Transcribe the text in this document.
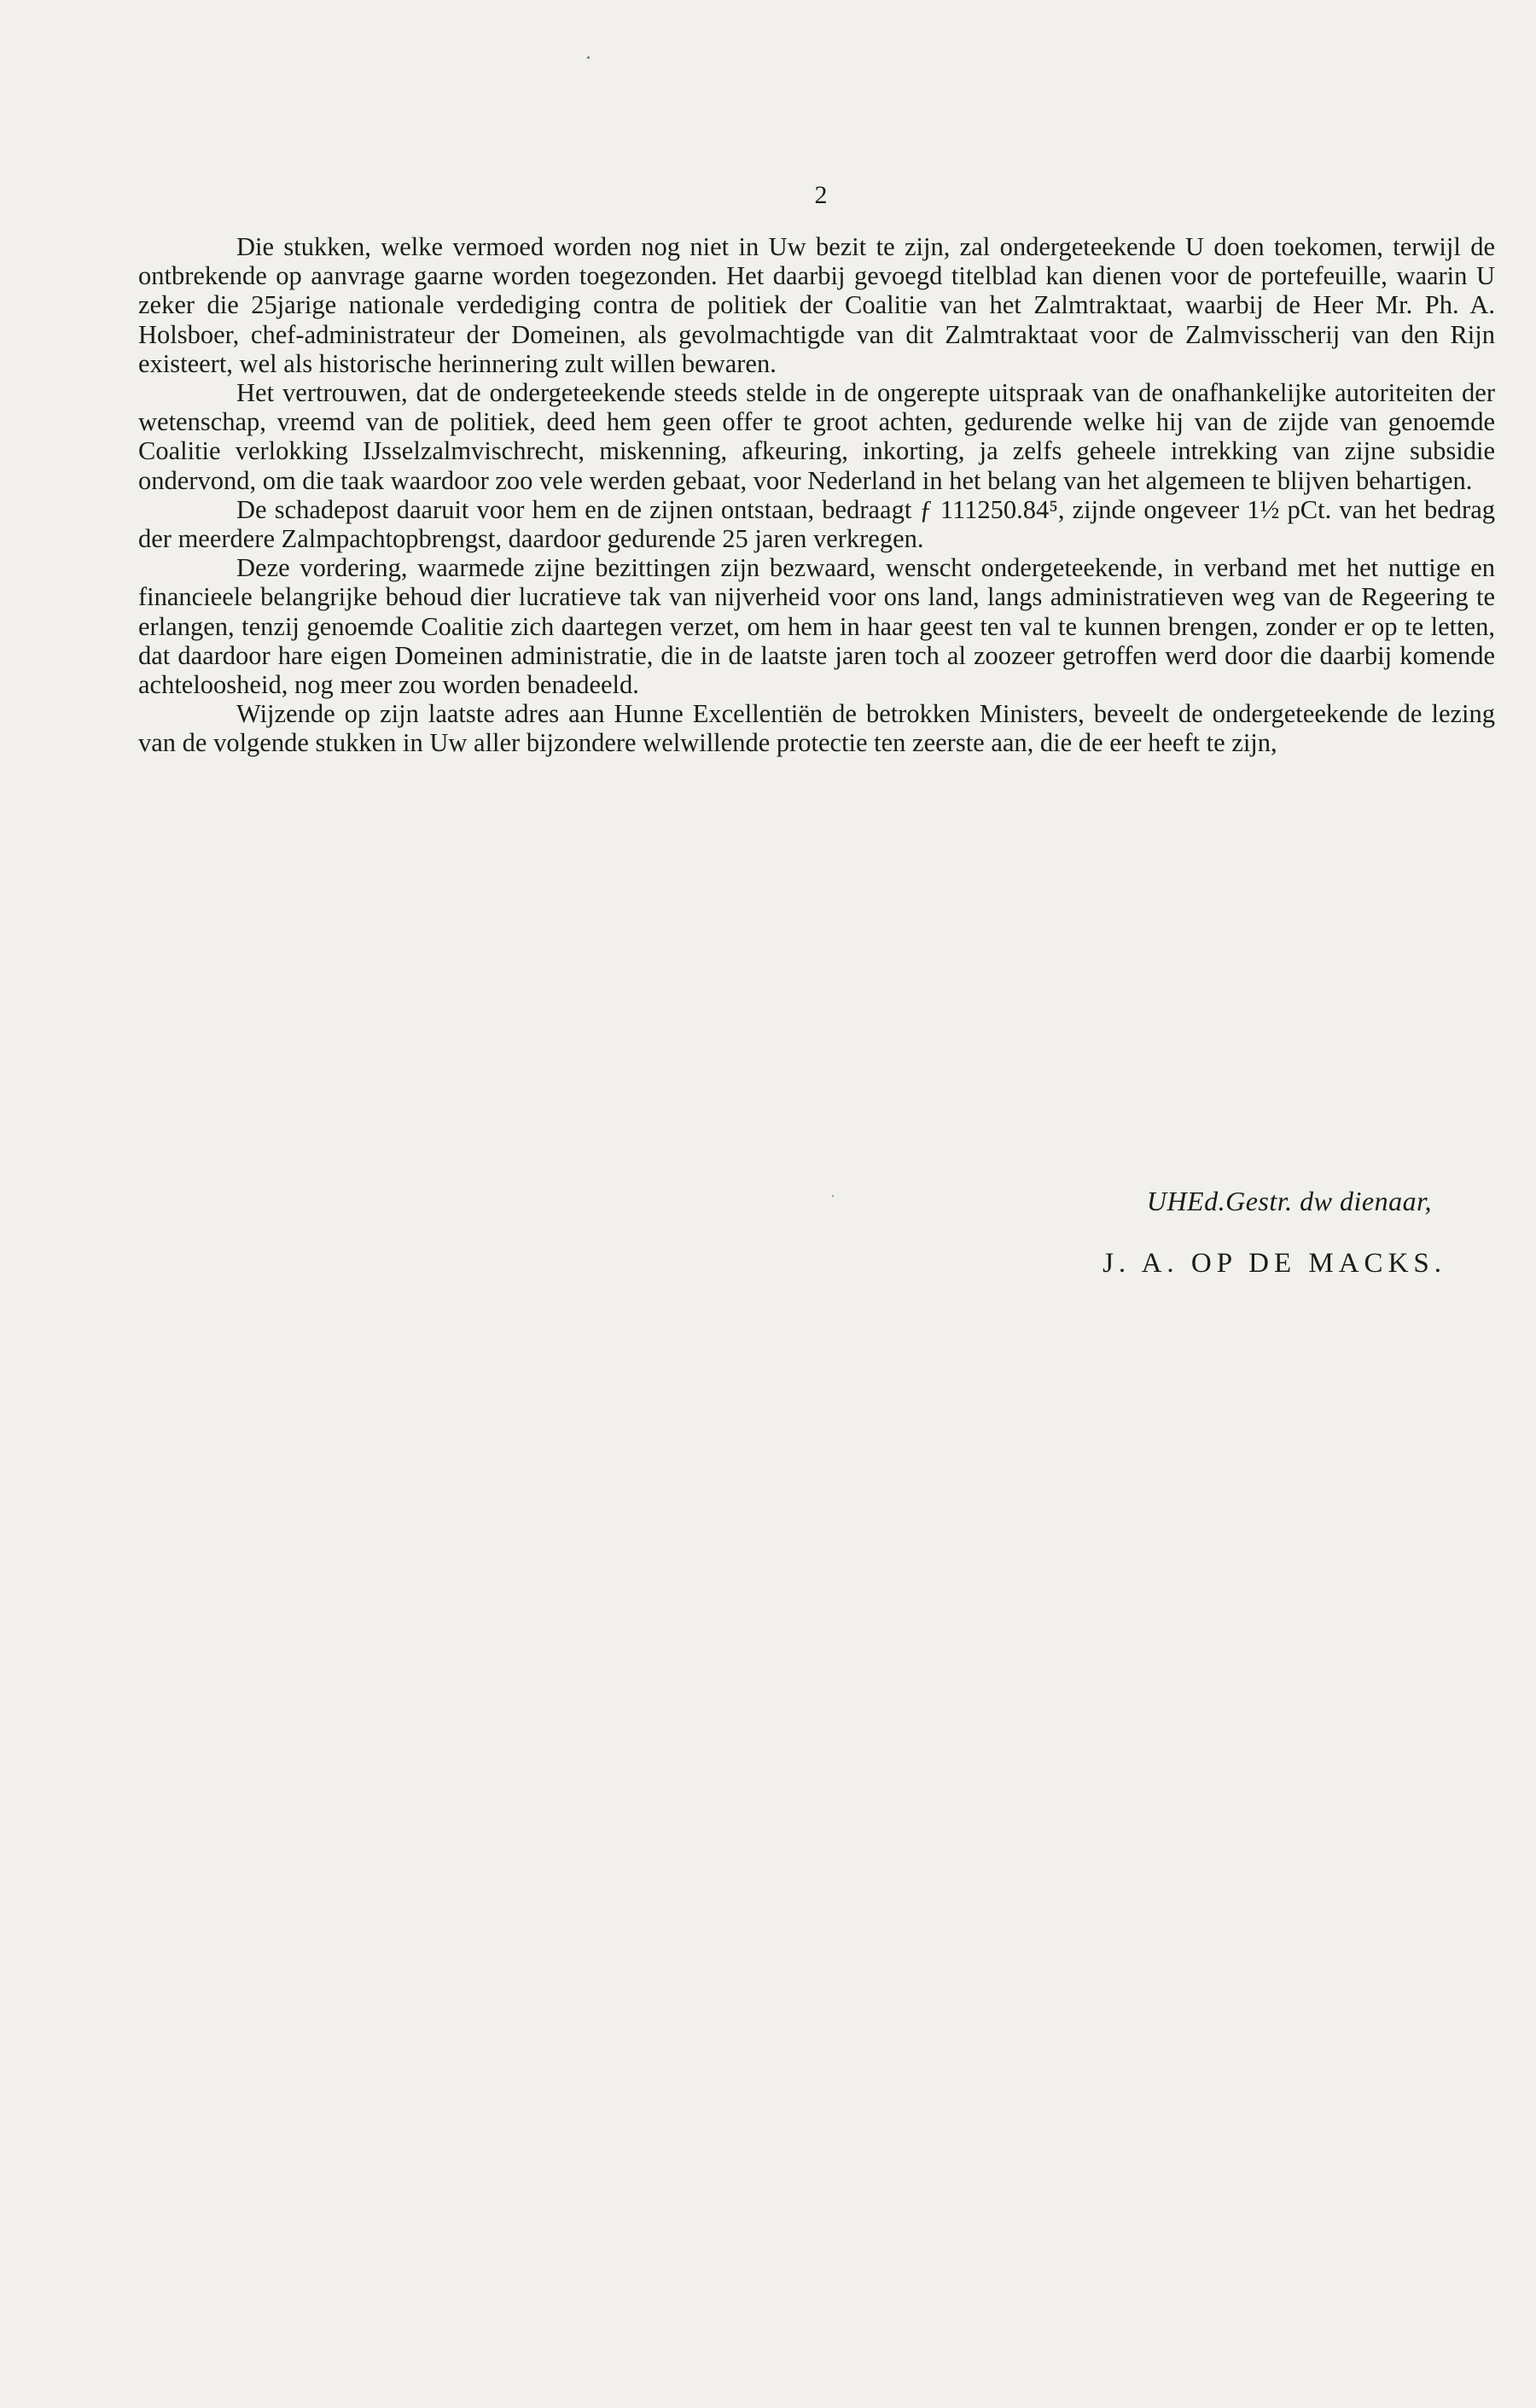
2

Die stukken, welke vermoed worden nog niet in Uw bezit te zijn, zal ondergeteekende U doen toekomen, terwijl de ontbrekende op aanvrage gaarne worden toegezonden. Het daarbij gevoegd titelblad kan dienen voor de portefeuille, waarin U zeker die 25jarige nationale verdediging contra de politiek der Coalitie van het Zalmtraktaat, waarbij de Heer Mr. Ph. A. Holsboer, chef-administrateur der Domeinen, als gevolmachtigde van dit Zalmtraktaat voor de Zalmvisscherij van den Rijn existeert, wel als historische herinnering zult willen bewaren.

Het vertrouwen, dat de ondergeteekende steeds stelde in de ongerepte uitspraak van de onafhankelijke autoriteiten der wetenschap, vreemd van de politiek, deed hem geen offer te groot achten, gedurende welke hij van de zijde van genoemde Coalitie verlokking IJsselzalmvischrecht, miskenning, afkeuring, inkorting, ja zelfs geheele intrekking van zijne subsidie ondervond, om die taak waardoor zoo vele werden gebaat, voor Nederland in het belang van het algemeen te blijven behartigen.

De schadepost daaruit voor hem en de zijnen ontstaan, bedraagt ƒ 111250.84⁵, zijnde ongeveer 1½ pCt. van het bedrag der meerdere Zalmpachtopbrengst, daardoor gedurende 25 jaren verkregen.

Deze vordering, waarmede zijne bezittingen zijn bezwaard, wenscht ondergeteekende, in verband met het nuttige en financieele belangrijke behoud dier lucratieve tak van nijverheid voor ons land, langs administratieven weg van de Regeering te erlangen, tenzij genoemde Coalitie zich daartegen verzet, om hem in haar geest ten val te kunnen brengen, zonder er op te letten, dat daardoor hare eigen Domeinen administratie, die in de laatste jaren toch al zoozeer getroffen werd door die daarbij komende achteloosheid, nog meer zou worden benadeeld.

Wijzende op zijn laatste adres aan Hunne Excellentiën de betrokken Ministers, beveelt de ondergeteekende de lezing van de volgende stukken in Uw aller bijzondere welwillende protectie ten zeerste aan, die de eer heeft te zijn,

UHEd.Gestr. dw dienaar,
J. A. OP DE MACKS.
